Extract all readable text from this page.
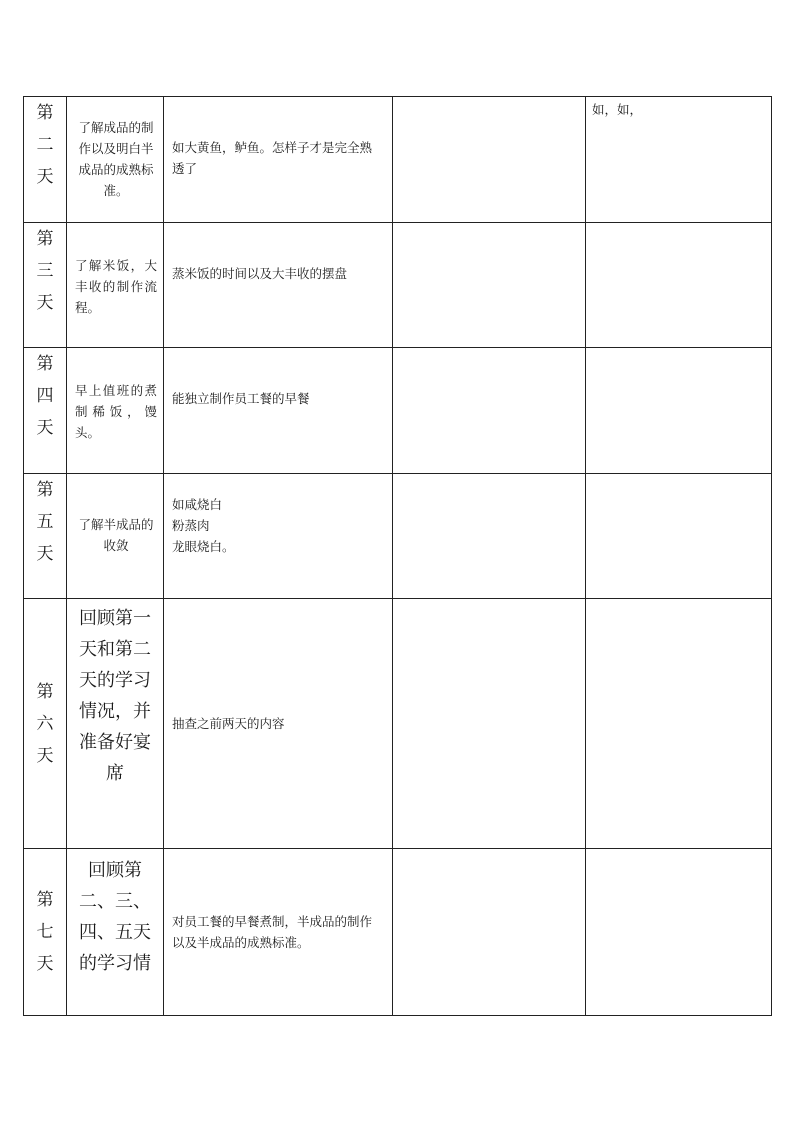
第
二
天	了解成品的制作以及明白半成品的成熟标准。	如大黄鱼，鲈鱼。怎样子才是完全熟透了		如，如，

第
三
天	了解米饭，大丰收的制作流程。	蒸米饭的时间以及大丰收的摆盘		

第
四
天	早上值班的煮制稀饭，馒头。	能独立制作员工餐的早餐		

第
五
天	了解半成品的收敛	如咸烧白
粉蒸肉
龙眼烧白。		

第
六
天	回顾第一天和第二天的学习情况，并准备好宴席	抽查之前两天的内容		

第
七
天	回顾第二、三、四、五天的学习情	对员工餐的早餐煮制，半成品的制作以及半成品的成熟标准。		
